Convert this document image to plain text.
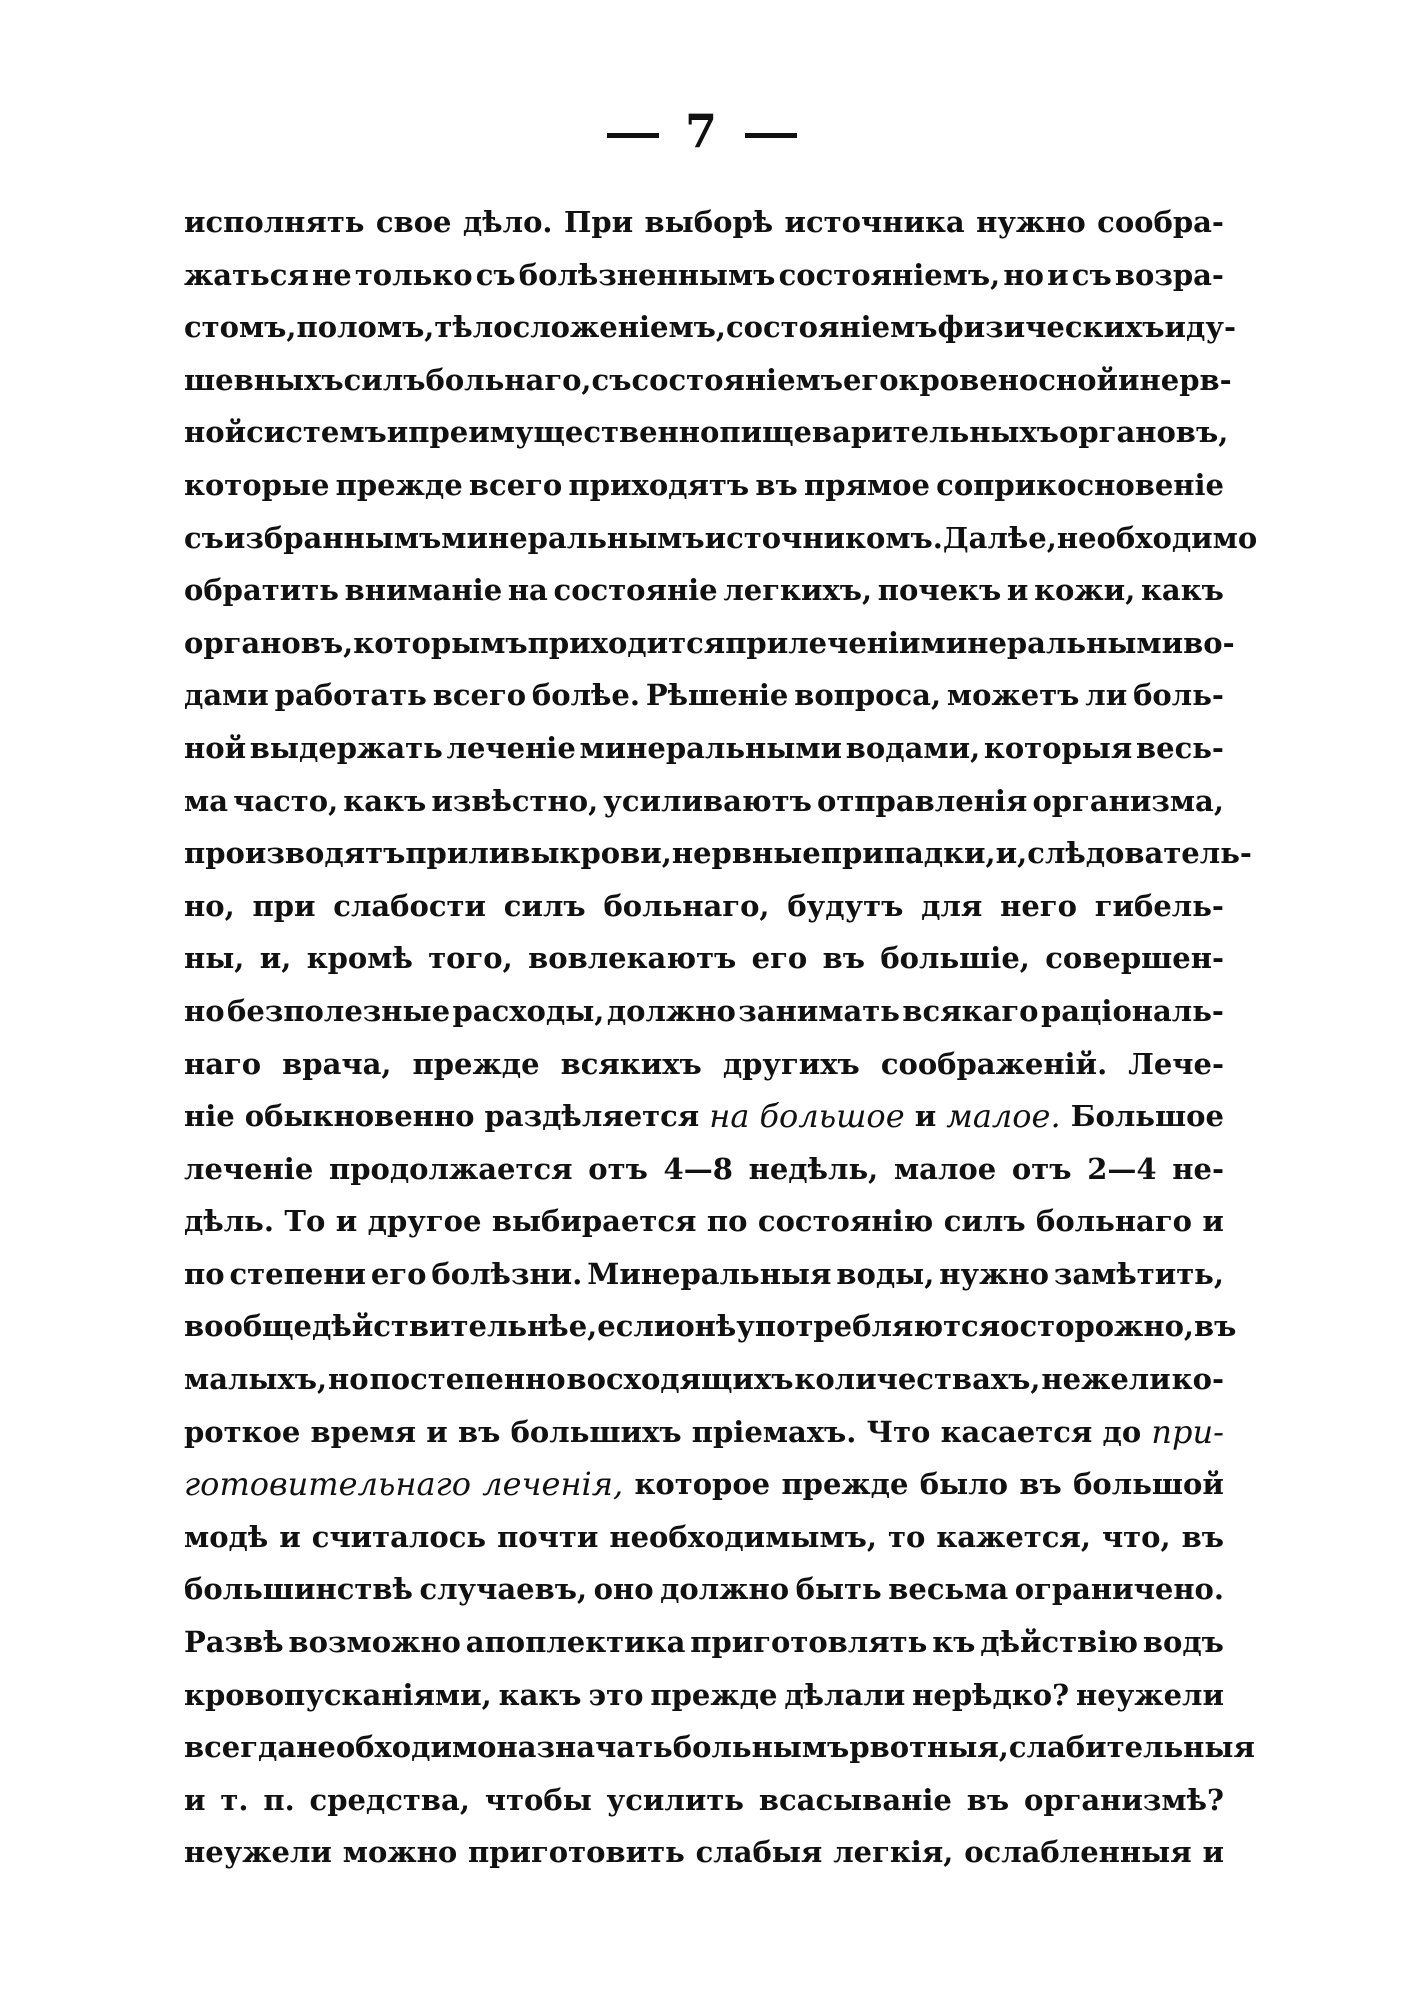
7
исполнять свое дѣло. При выборѣ источника нужно сообра-
жаться не только съ болѣзненнымъ состояніемъ, но и съ возра-
стомъ, поломъ, тѣлосложеніемъ, состояніемъ физическихъ и ду-
шевныхъ силъ больнаго, съ состояніемъ его кровеносной и нерв-
ной системъ и преимущественно пищеварительныхъ органовъ,
которые прежде всего приходятъ въ прямое соприкосновеніе
съ избраннымъ минеральнымъ источникомъ. Далѣе, необходимо
обратить вниманіе на состояніе легкихъ, почекъ и кожи, какъ
органовъ, которымъ приходится при леченіи минеральными во-
дами работать всего болѣе. Рѣшеніе вопроса, можетъ ли боль-
ной выдержать леченіе минеральными водами, которыя весь-
ма часто, какъ извѣстно, усиливаютъ отправленія организма,
производятъ приливы крови, нервные припадки, и, слѣдователь-
но, при слабости силъ больнаго, будутъ для него гибель-
ны, и, кромѣ того, вовлекаютъ его въ большіе, совершен-
но безполезные расходы, должно занимать всякаго раціональ-
наго врача, прежде всякихъ другихъ соображеній. Лече-
ніе обыкновенно раздѣляется на большое и малое. Большое
леченіе продолжается отъ 4—8 недѣль, малое отъ 2—4 не-
дѣль. То и другое выбирается по состоянію силъ больнаго и
по степени его болѣзни. Минеральныя воды, нужно замѣтить,
вообще дѣйствительнѣе, если онѣ употребляются осторожно, въ
малыхъ, но постепенно восходящихъ количествахъ, нежели ко-
роткое время и въ большихъ пріемахъ. Что касается до при-
готовительнаго леченія, которое прежде было въ большой
модѣ и считалось почти необходимымъ, то кажется, что, въ
большинствѣ случаевъ, оно должно быть весьма ограничено.
Развѣ возможно апоплектика приготовлять къ дѣйствію водъ
кровопусканіями, какъ это прежде дѣлали нерѣдко? неужели
всегда необходимо назначать больнымъ рвотныя, слабительныя
и т. п. средства, чтобы усилить всасываніе въ организмѣ?
неужели можно приготовить слабыя легкія, ослабленныя и
